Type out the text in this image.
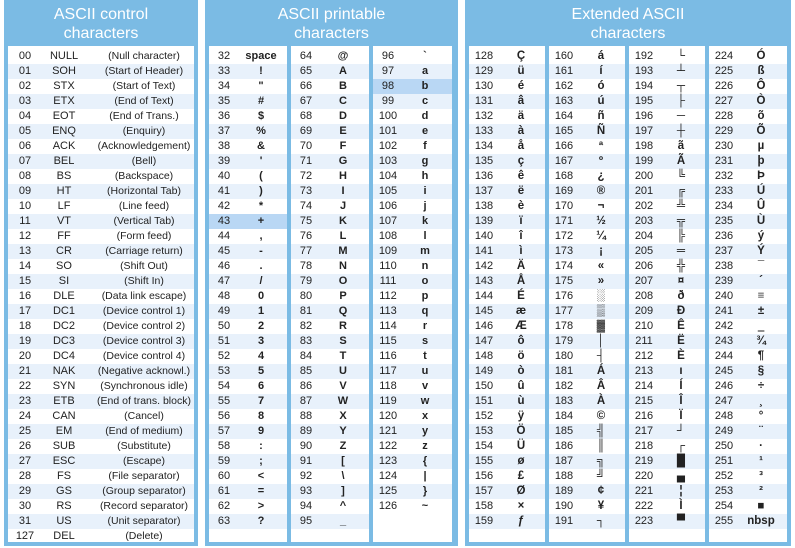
ASCII control
characters
00	NULL	(Null character)
01	SOH	(Start of Header)
02	STX	(Start of Text)
03	ETX	(End of Text)
04	EOT	(End of Trans.)
05	ENQ	(Enquiry)
06	ACK	(Acknowledgement)
07	BEL	(Bell)
08	BS	(Backspace)
09	HT	(Horizontal Tab)
10	LF	(Line feed)
11	VT	(Vertical Tab)
12	FF	(Form feed)
13	CR	(Carriage return)
14	SO	(Shift Out)
15	SI	(Shift In)
16	DLE	(Data link escape)
17	DC1	(Device control 1)
18	DC2	(Device control 2)
19	DC3	(Device control 3)
20	DC4	(Device control 4)
21	NAK	(Negative acknowl.)
22	SYN	(Synchronous idle)
23	ETB	(End of trans. block)
24	CAN	(Cancel)
25	EM	(End of medium)
26	SUB	(Substitute)
27	ESC	(Escape)
28	FS	(File separator)
29	GS	(Group separator)
30	RS	(Record separator)
31	US	(Unit separator)
127	DEL	(Delete)
ASCII printable
characters
32	space
33	!
34	"
35	#
36	$
37	%
38	&
39	'
40	(
41	)
42	*
43	+
44	,
45	-
46	.
47	/
48	0
49	1
50	2
51	3
52	4
53	5
54	6
55	7
56	8
57	9
58	:
59	;
60	<
61	=
62	>
63	?
64	@
65	A
66	B
67	C
68	D
69	E
70	F
71	G
72	H
73	I
74	J
75	K
76	L
77	M
78	N
79	O
80	P
81	Q
82	R
83	S
84	T
85	U
86	V
87	W
88	X
89	Y
90	Z
91	[
92	\
93	]
94	^
95	_
96	`
97	a
98	b
99	c
100	d
101	e
102	f
103	g
104	h
105	i
106	j
107	k
108	l
109	m
110	n
111	o
112	p
113	q
114	r
115	s
116	t
117	u
118	v
119	w
120	x
121	y
122	z
123	{
124	|
125	}
126	~
Extended ASCII
characters
128	Ç
129	ü
130	é
131	â
132	ä
133	à
134	å
135	ç
136	ê
137	ë
138	è
139	ï
140	î
141	ì
142	Ä
143	Å
144	É
145	æ
146	Æ
147	ô
148	ö
149	ò
150	û
151	ù
152	ÿ
153	Ö
154	Ü
155	ø
156	£
157	Ø
158	×
159	ƒ
160	á
161	í
162	ó
163	ú
164	ñ
165	Ñ
166	ª
167	º
168	¿
169	®
170	¬
171	½
172	¼
173	¡
174	«
175	»
176	░
177	▒
178	▓
179	│
180	┤
181	Á
182	Â
183	À
184	©
185	╣
186	║
187	╗
188	╝
189	¢
190	¥
191	┐
192	└
193	┴
194	┬
195	├
196	─
197	┼
198	ã
199	Ã
200	╚
201	╔
202	╩
203	╦
204	╠
205	═
206	╬
207	¤
208	ð
209	Ð
210	Ê
211	Ë
212	È
213	ı
214	Í
215	Î
216	Ï
217	┘
218	┌
219	█
220	▄
221	¦
222	Ì
223	▀
224	Ó
225	ß
226	Ô
227	Ò
228	õ
229	Õ
230	µ
231	þ
232	Þ
233	Ú
234	Û
235	Ù
236	ý
237	Ý
238	¯
239	´
240	≡
241	±
242	‗
243	¾
244	¶
245	§
246	÷
247	¸
248	°
249	¨
250	·
251	¹
252	³
253	²
254	■
255	nbsp
